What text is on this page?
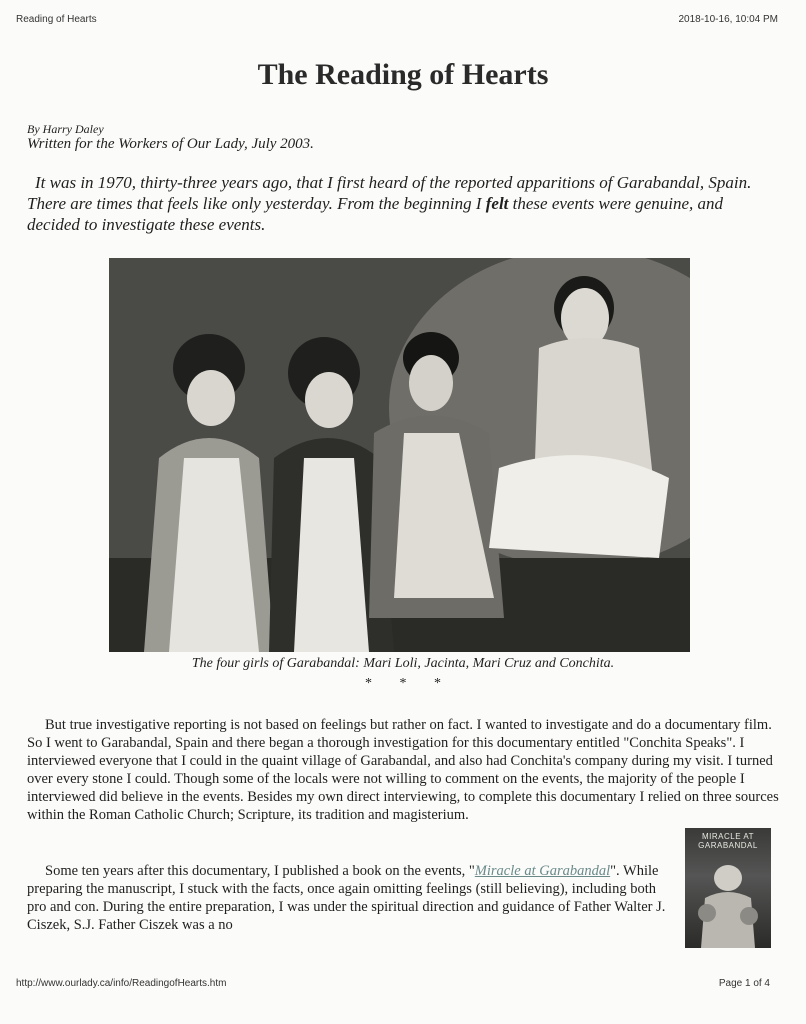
Reading of Hearts	2018-10-16, 10:04 PM
The Reading of Hearts
By Harry Daley
Written for the Workers of Our Lady, July 2003.

It was in 1970, thirty-three years ago, that I first heard of the reported apparitions of Garabandal, Spain. There are times that feels like only yesterday. From the beginning I felt these events were genuine, and decided to investigate these events.

The four girls of Garabandal: Mari Loli, Jacinta, Mari Cruz and Conchita.
* * *

But true investigative reporting is not based on feelings but rather on fact. I wanted to investigate and do a documentary film. So I went to Garabandal, Spain and there began a thorough investigation for this documentary entitled "Conchita Speaks". I interviewed everyone that I could in the quaint village of Garabandal, and also had Conchita's company during my visit. I turned over every stone I could. Though some of the locals were not willing to comment on the events, the majority of the people I interviewed did believe in the events. Besides my own direct interviewing, to complete this documentary I relied on three sources within the Roman Catholic Church; Scripture, its tradition and magisterium.

Some ten years after this documentary, I published a book on the events, "Miracle at Garabandal". While preparing the manuscript, I stuck with the facts, once again omitting feelings (still believing), including both pro and con. During the entire preparation, I was under the spiritual direction and guidance of Father Walter J. Ciszek, S.J. Father Ciszek was a no

MIRACLE AT GARABANDAL
http://www.ourlady.ca/info/ReadingofHearts.htm	Page 1 of 4
